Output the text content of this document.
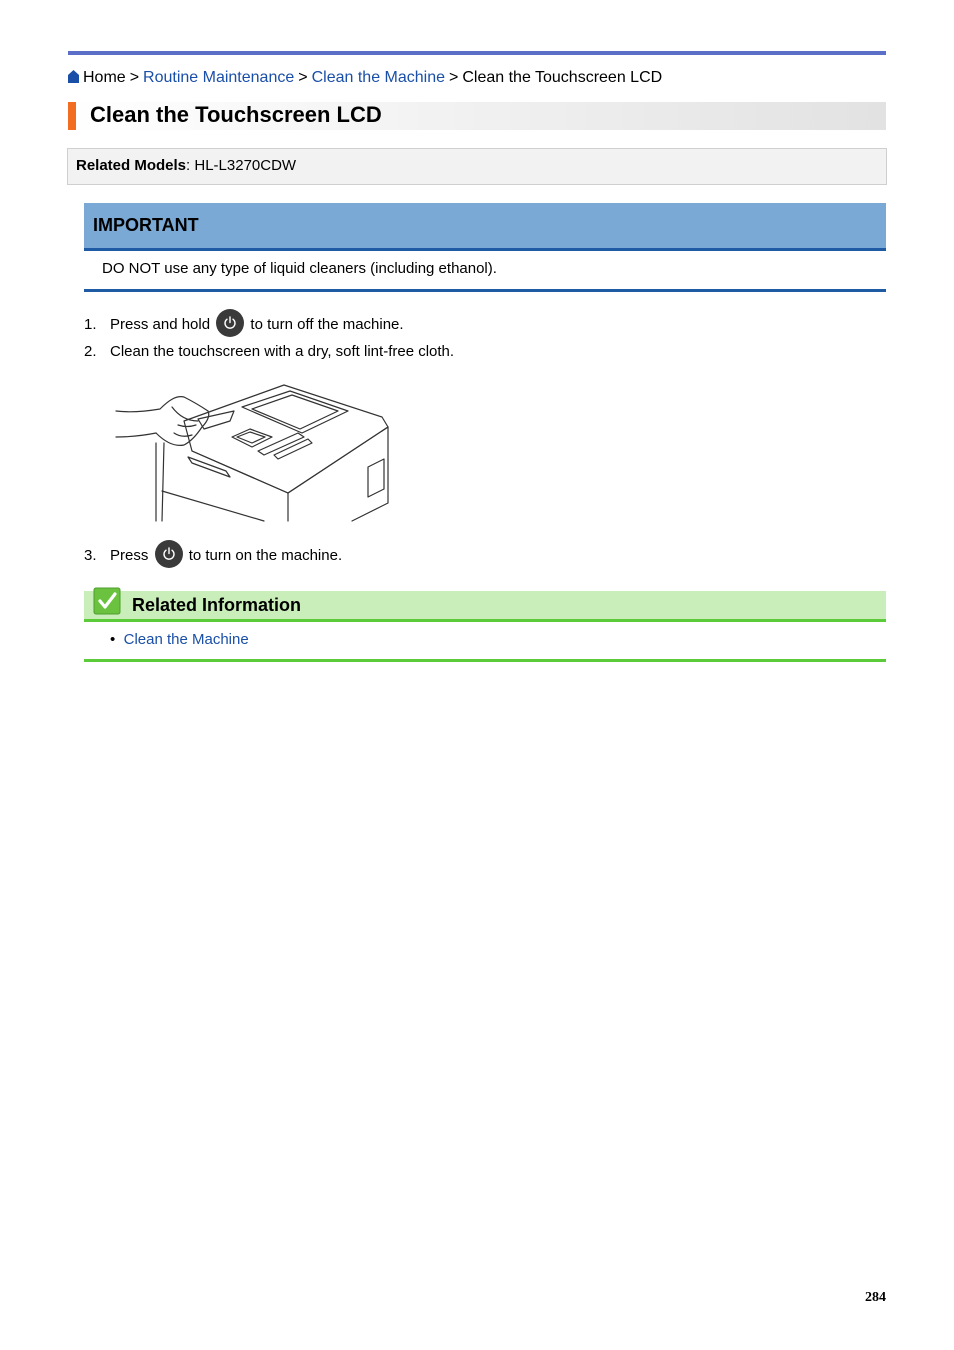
Home > Routine Maintenance > Clean the Machine > Clean the Touchscreen LCD
Clean the Touchscreen LCD
Related Models: HL-L3270CDW
IMPORTANT
DO NOT use any type of liquid cleaners (including ethanol).
1. Press and hold	to turn off the machine.
2. Clean the touchscreen with a dry, soft lint-free cloth.
3. Press	to turn on the machine.
Related Information
• Clean the Machine
284
